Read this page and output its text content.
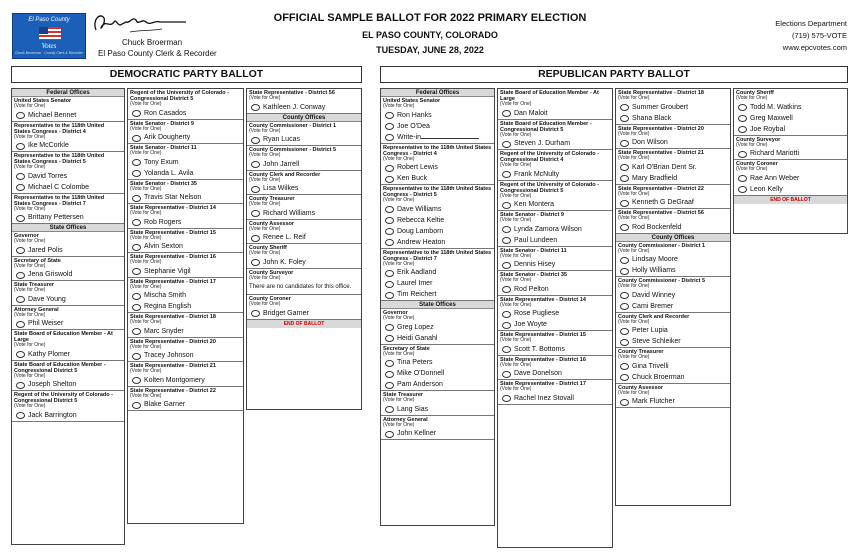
El Paso County
Votes
Chuck Broerman · County Clerk & Recorder
Chuck Broerman
El Paso County Clerk & Recorder
OFFICIAL SAMPLE BALLOT FOR 2022 PRIMARY ELECTION
EL PASO COUNTY, COLORADO
TUESDAY, JUNE 28, 2022
Elections Department
(719) 575-VOTE
www.epcvotes.com
DEMOCRATIC PARTY BALLOT	REPUBLICAN PARTY BALLOT
Federal Offices
United States Senator
(Vote for One)
Michael Bennet
Representative to the 118th United States Congress - District 4
(Vote for One)
Ike McCorkle
Representative to the 118th United States Congress - District 5
(Vote for One)
David Torres
Michael C Colombe
Representative to the 118th United States Congress - District 7
(Vote for One)
Brittany Pettersen
State Offices
Governor
(Vote for One)
Jared Polis
Secretary of State
(Vote for One)
Jena Griswold
State Treasurer
(Vote for One)
Dave Young
Attorney General
(Vote for One)
Phil Weiser
State Board of Education Member - At Large
(Vote for One)
Kathy Plomer
State Board of Education Member - Congressional District 5
(Vote for One)
Joseph Shelton
Regent of the University of Colorado - Congressional District 5
(Vote for One)
Jack Barrington
Regent of the University of Colorado - Congressional District 5
(Vote for One)
Ron Casados
State Senator - District 9
(Vote for One)
Arik Dougherty
State Senator - District 11
(Vote for One)
Tony Exum
Yolanda L. Avila
State Senator - District 35
(Vote for One)
Travis Star Nelson
State Representative - District 14
(Vote for One)
Rob Rogers
State Representative - District 15
(Vote for One)
Alvin Sexton
State Representative - District 16
(Vote for One)
Stephanie Vigil
State Representative - District 17
(Vote for One)
Mischa Smith
Regina English
State Representative - District 18
(Vote for One)
Marc Snyder
State Representative - District 20
(Vote for One)
Tracey Johnson
State Representative - District 21
(Vote for One)
Kolten Montgomery
State Representative - District 22
(Vote for One)
Blake Garner
State Representative - District 56
(Vote for One)
Kathleen J. Conway
County Offices
County Commissioner - District 1
(Vote for One)
Ryan Lucas
County Commissioner - District 5
(Vote for One)
John Jarrell
County Clerk and Recorder
(Vote for One)
Lisa Wilkes
County Treasurer
(Vote for One)
Richard Williams
County Assessor
(Vote for One)
Renee L. Reif
County Sheriff
(Vote for One)
John K. Foley
County Surveyor
(Vote for One)
There are no candidates for this office.
County Coroner
(Vote for One)
Bridget Garner
END OF BALLOT
Federal Offices
United States Senator
(Vote for One)
Ron Hanks
Joe O'Dea
Write-in
Representative to the 118th United States Congress - District 4
(Vote for One)
Robert Lewis
Ken Buck
Representative to the 118th United States Congress - District 5
(Vote for One)
Dave Williams
Rebecca Keltie
Doug Lamborn
Andrew Heaton
Representative to the 118th United States Congress - District 7
(Vote for One)
Erik Aadland
Laurel Imer
Tim Reichert
State Offices
Governor
(Vote for One)
Greg Lopez
Heidi Ganahl
Secretary of State
(Vote for One)
Tina Peters
Mike O'Donnell
Pam Anderson
State Treasurer
(Vote for One)
Lang Sias
Attorney General
(Vote for One)
John Kellner
State Board of Education Member - At Large
(Vote for One)
Dan Maloit
State Board of Education Member - Congressional District 5
(Vote for One)
Steven J. Durham
Regent of the University of Colorado - Congressional District 4
(Vote for One)
Frank McNulty
Regent of the University of Colorado - Congressional District 5
(Vote for One)
Ken Montera
State Senator - District 9
(Vote for One)
Lynda Zamora Wilson
Paul Lundeen
State Senator - District 11
(Vote for One)
Dennis Hisey
State Senator - District 35
(Vote for One)
Rod Pelton
State Representative - District 14
(Vote for One)
Rose Pugliese
Joe Woyte
State Representative - District 15
(Vote for One)
Scott T. Bottoms
State Representative - District 16
(Vote for One)
Dave Donelson
State Representative - District 17
(Vote for One)
Rachel Inez Stovall
State Representative - District 18
(Vote for One)
Summer Groubert
Shana Black
State Representative - District 20
(Vote for One)
Don Wilson
State Representative - District 21
(Vote for One)
Karl O'Brian Dent Sr.
Mary Bradfield
State Representative - District 22
(Vote for One)
Kenneth G DeGraaf
State Representative - District 56
(Vote for One)
Rod Bockenfeld
County Offices
County Commissioner - District 1
(Vote for One)
Lindsay Moore
Holly Williams
County Commissioner - District 5
(Vote for One)
David Winney
Cami Bremer
County Clerk and Recorder
(Vote for One)
Peter Lupia
Steve Schleiker
County Treasurer
(Vote for One)
Gina Trivelli
Chuck Broerman
County Assessor
(Vote for One)
Mark Flutcher
County Sheriff
(Vote for One)
Todd M. Watkins
Greg Maxwell
Joe Roybal
County Surveyor
(Vote for One)
Richard Mariotti
County Coroner
(Vote for One)
Rae Ann Weber
Leon Kelly
END OF BALLOT
